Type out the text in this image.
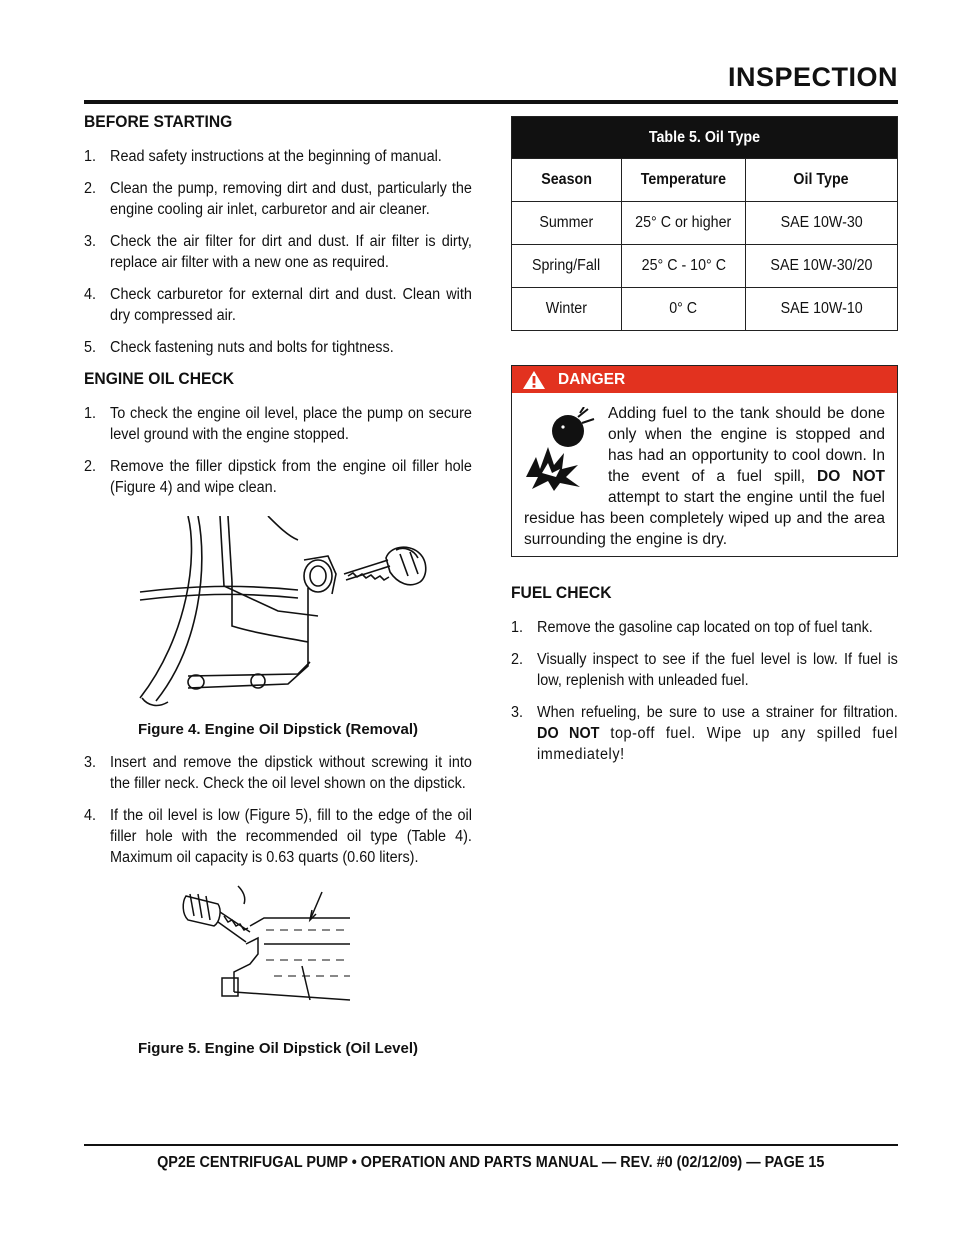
INSPECTION
BEFORE STARTING
1. Read safety instructions at the beginning of manual.
2. Clean the pump, removing dirt and dust, particularly the engine cooling air inlet, carburetor and air cleaner.
3. Check the air filter for dirt and dust. If air filter is dirty, replace air filter with a new one as required.
4. Check carburetor for external dirt and dust. Clean with dry compressed air.
5. Check fastening nuts and bolts for tightness.
ENGINE OIL CHECK
1. To check the engine oil level, place the pump on secure level ground with the engine stopped.
2. Remove the filler dipstick from the engine oil filler hole (Figure 4) and wipe clean.
Figure 4. Engine Oil Dipstick (Removal)
3. Insert and remove the dipstick without screwing it into the filler neck. Check the oil level shown on the dipstick.
4. If the oil level is low (Figure 5), fill to the edge of the oil filler hole with the recommended oil type (Table 4). Maximum oil capacity is 0.63 quarts (0.60 liters).
Figure 5. Engine Oil Dipstick (Oil Level)
Table 5. Oil Type		
Season	Temperature	Oil Type
Summer	25° C or higher	SAE 10W-30
Spring/Fall	25° C - 10° C	SAE 10W-30/20
Winter	0° C	SAE 10W-10
DANGER
Adding fuel to the tank should be done only when the engine is stopped and has had an opportunity to cool down. In the event of a fuel spill, DO NOT attempt to start the engine until the fuel residue has been completely wiped up and the area surrounding the engine is dry.
FUEL CHECK
1. Remove the gasoline cap located on top of fuel tank.
2. Visually inspect to see if the fuel level is low. If fuel is low, replenish with unleaded fuel.
3. When refueling, be sure to use a strainer for filtration. DO NOT top-off fuel. Wipe up any spilled fuel immediately!
QP2E CENTRIFUGAL PUMP • OPERATION AND PARTS MANUAL — REV. #0 (02/12/09) — PAGE 15
